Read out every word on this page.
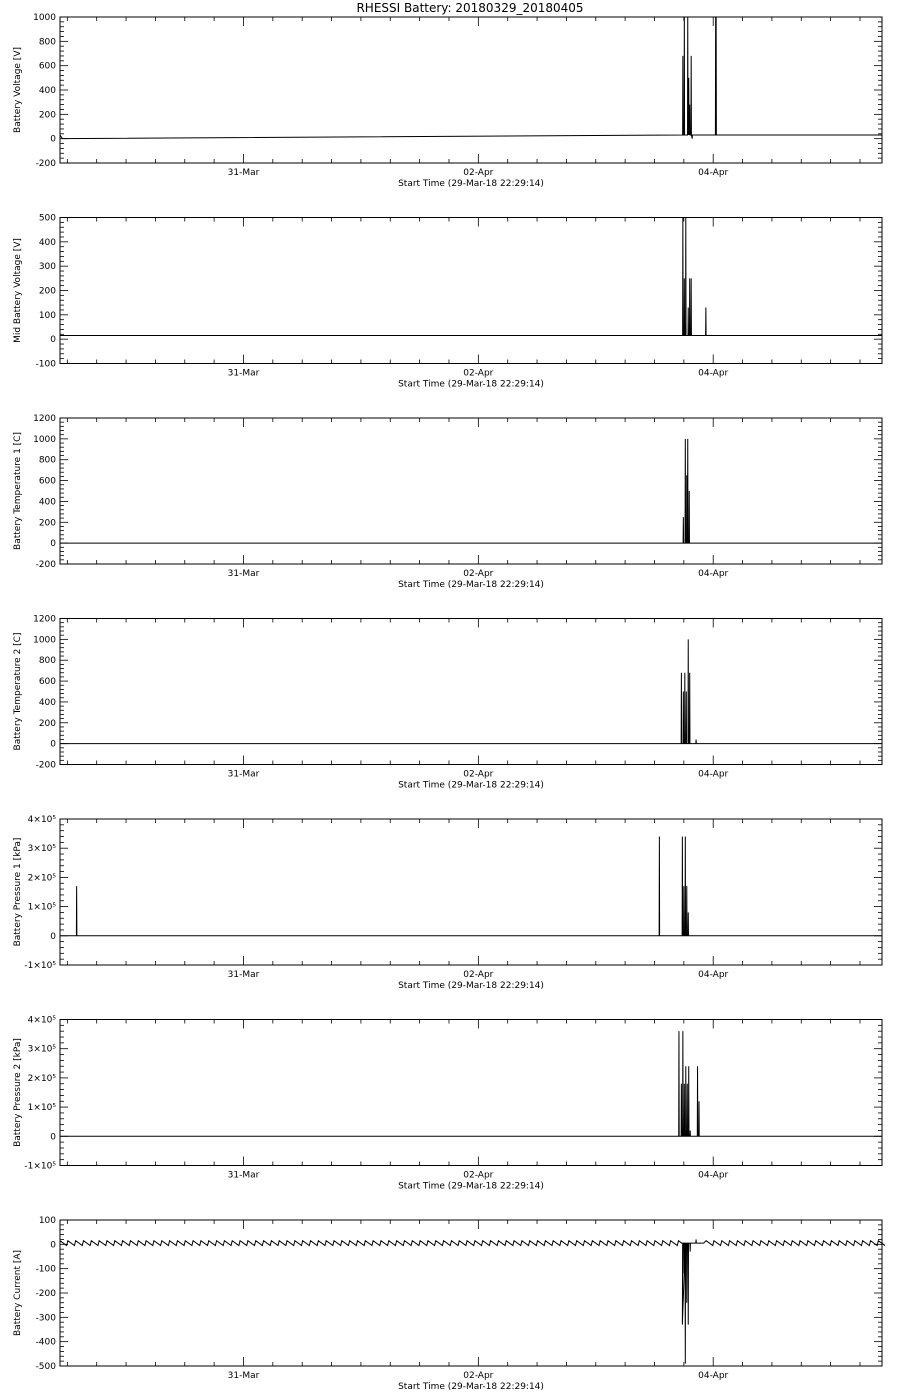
RHESSI Battery: 20180329_20180405
31-Mar	02-Apr	04-Apr
Start Time (29-Mar-18 22:29:14)
-200
0
200
400
600
800
1000
Battery Voltage [V]
31-Mar	02-Apr	04-Apr
Start Time (29-Mar-18 22:29:14)
-100
0
100
200
300
400
500
Mid Battery Voltage [V]
31-Mar	02-Apr	04-Apr
Start Time (29-Mar-18 22:29:14)
-200
0
200
400
600
800
1000
1200
Battery Temperature 1 [C]
31-Mar	02-Apr	04-Apr
Start Time (29-Mar-18 22:29:14)
-200
0
200
400
600
800
1000
1200
Battery Temperature 2 [C]
31-Mar	02-Apr	04-Apr
Start Time (29-Mar-18 22:29:14)
-1×10⁵
0
1×10⁵
2×10⁵
3×10⁵
4×10⁵
Battery Pressure 1 [kPa]
31-Mar	02-Apr	04-Apr
Start Time (29-Mar-18 22:29:14)
-1×10⁵
0
1×10⁵
2×10⁵
3×10⁵
4×10⁵
Battery Pressure 2 [kPa]
31-Mar	02-Apr	04-Apr
Start Time (29-Mar-18 22:29:14)
-500
-400
-300
-200
-100
0
100
Battery Current [A]
